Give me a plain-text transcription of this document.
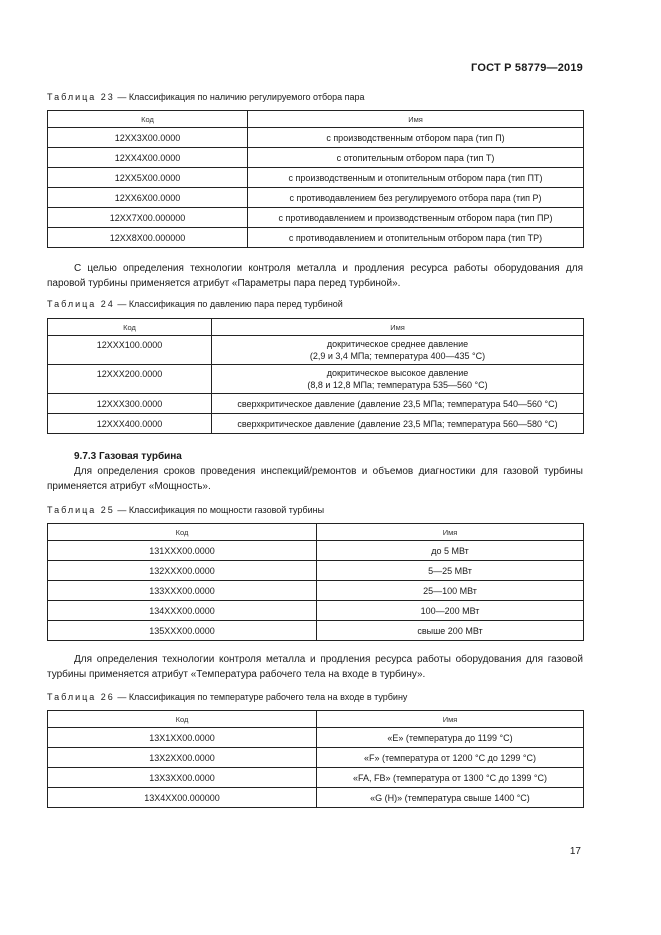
ГОСТ Р 58779—2019
Таблица 23 — Классификация по наличию регулируемого отбора пара
Код	Имя
12XX3X00.0000	с производственным отбором пара (тип П)
12XX4X00.0000	с отопительным отбором пара (тип Т)
12XX5X00.0000	с производственным и отопительным отбором пара (тип ПТ)
12XX6X00.0000	с противодавлением без регулируемого отбора пара (тип Р)
12XX7X00.000000	с противодавлением и производственным отбором пара (тип ПР)
12XX8X00.000000	с противодавлением и отопительным отбором пара (тип ТР)
С целью определения технологии контроля металла и продления ресурса работы оборудования для паровой турбины применяется атрибут «Параметры пара перед турбиной».
Таблица 24 — Классификация по давлению пара перед турбиной
Код	Имя
12XXX100.0000	докритическое среднее давление
(2,9 и 3,4 МПа; температура 400—435 °С)

12XXX200.0000	докритическое высокое давление
(8,8 и 12,8 МПа; температура 535—560 °С)

12XXX300.0000	сверхкритическое давление (давление 23,5 МПа; температура 540—560 °С)
12XXX400.0000	сверхкритическое давление (давление 23,5 МПа; температура 560—580 °С)
9.7.3 Газовая турбина
Для определения сроков проведения инспекций/ремонтов и объемов диагностики для газовой турбины применяется атрибут «Мощность».
Таблица 25 — Классификация по мощности газовой турбины
Код	Имя
131XXX00.0000	до 5 МВт
132XXX00.0000	5—25 МВт
133XXX00.0000	25—100 МВт
134XXX00.0000	100—200 МВт
135XXX00.0000	свыше 200 МВт
Для определения технологии контроля металла и продления ресурса работы оборудования для газовой турбины применяется атрибут «Температура рабочего тела на входе в турбину».
Таблица 26 — Классификация по температуре рабочего тела на входе в турбину
Код	Имя
13X1XX00.0000	«Е» (температура до 1199 °С)
13X2XX00.0000	«F» (температура от 1200 °С до 1299 °С)
13X3XX00.0000	«FA, FB» (температура от 1300 °С до 1399 °С)
13X4XX00.000000	«G (H)» (температура свыше 1400 °С)
17
